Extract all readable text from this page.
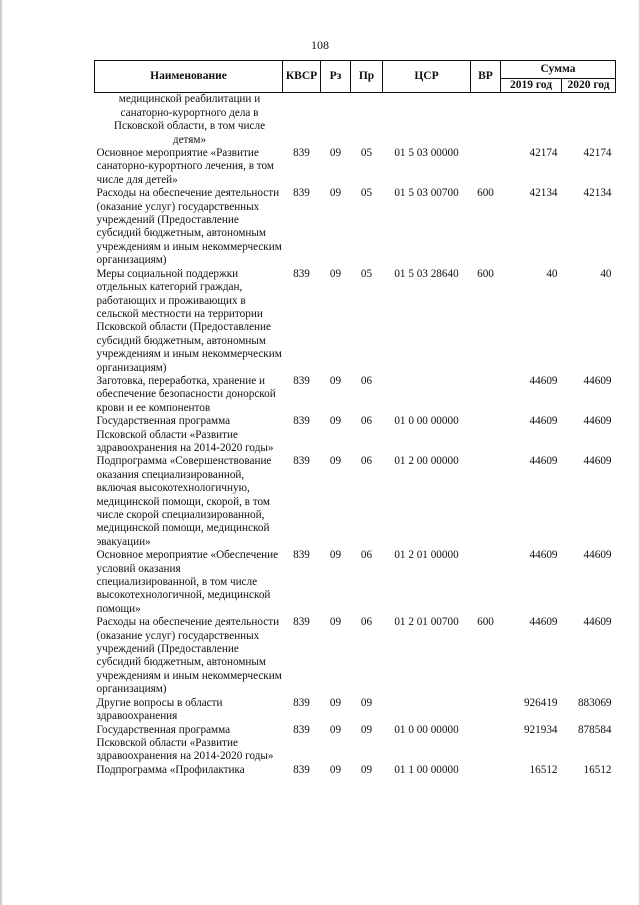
108
Наименование	КВСР	Рз	Пр	ЦСР	ВР	Сумма	
						2019 год	2020 год
медицинской реабилитации и санаторно-курортного дела в Псковской области, в том числе детям»							
Основное мероприятие «Развитие санаторно-курортного лечения, в том числе для детей»	839	09	05	01 5 03 00000		42174	42174
Расходы на обеспечение деятельности (оказание услуг) государственных учреждений (Предоставление субсидий бюджетным, автономным учреждениям и иным некоммерческим организациям)	839	09	05	01 5 03 00700	600	42134	42134
Меры социальной поддержки отдельных категорий граждан, работающих и проживающих в сельской местности на территории Псковской области (Предоставление субсидий бюджетным, автономным учреждениям и иным некоммерческим организациям)	839	09	05	01 5 03 28640	600	40	40
Заготовка, переработка, хранение и обеспечение безопасности донорской крови и ее компонентов	839	09	06			44609	44609
Государственная программа Псковской области «Развитие здравоохранения на 2014-2020 годы»	839	09	06	01 0 00 00000		44609	44609
Подпрограмма «Совершенствование оказания специализированной, включая высокотехнологичную, медицинской помощи, скорой, в том числе скорой специализированной, медицинской помощи, медицинской эвакуации»	839	09	06	01 2 00 00000		44609	44609
Основное мероприятие «Обеспечение условий оказания специализированной, в том числе высокотехнологичной, медицинской помощи»	839	09	06	01 2 01 00000		44609	44609
Расходы на обеспечение деятельности (оказание услуг) государственных учреждений (Предоставление субсидий бюджетным, автономным учреждениям и иным некоммерческим организациям)	839	09	06	01 2 01 00700	600	44609	44609
Другие вопросы в области здравоохранения	839	09	09			926419	883069
Государственная программа Псковской области «Развитие здравоохранения на 2014-2020 годы»	839	09	09	01 0 00 00000		921934	878584
Подпрограмма «Профилактика	839	09	09	01 1 00 00000		16512	16512
